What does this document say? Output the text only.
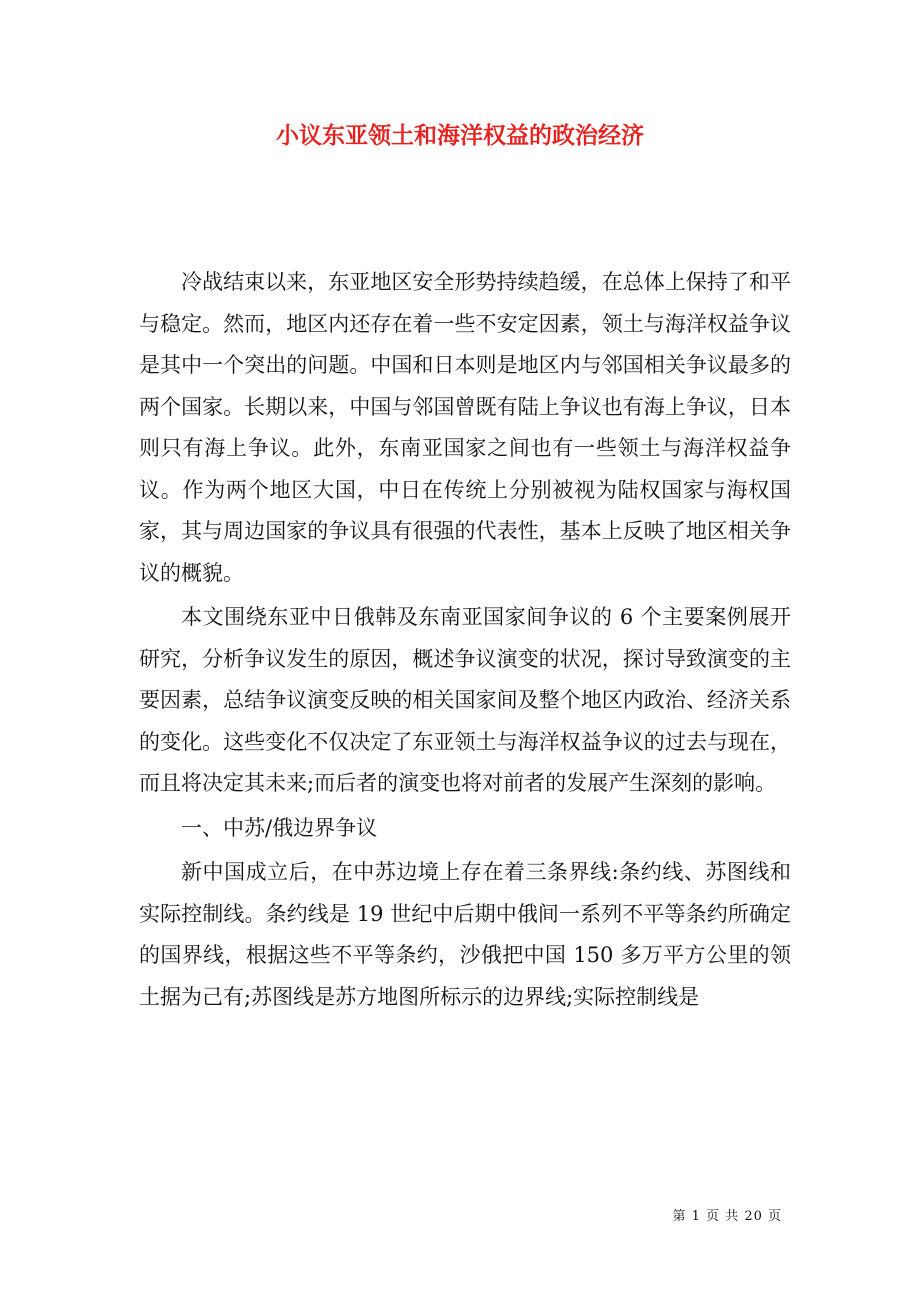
小议东亚领土和海洋权益的政治经济

冷战结束以来，东亚地区安全形势持续趋缓，在总体上保持了和平与稳定。然而，地区内还存在着一些不安定因素，领土与海洋权益争议是其中一个突出的问题。中国和日本则是地区内与邻国相关争议最多的两个国家。长期以来，中国与邻国曾既有陆上争议也有海上争议，日本则只有海上争议。此外，东南亚国家之间也有一些领土与海洋权益争议。作为两个地区大国，中日在传统上分别被视为陆权国家与海权国家，其与周边国家的争议具有很强的代表性，基本上反映了地区相关争议的概貌。

本文围绕东亚中日俄韩及东南亚国家间争议的 6 个主要案例展开研究，分析争议发生的原因，概述争议演变的状况，探讨导致演变的主要因素，总结争议演变反映的相关国家间及整个地区内政治、经济关系的变化。这些变化不仅决定了东亚领土与海洋权益争议的过去与现在，而且将决定其未来;而后者的演变也将对前者的发展产生深刻的影响。

一、中苏/俄边界争议

新中国成立后，在中苏边境上存在着三条界线:条约线、苏图线和实际控制线。条约线是 19 世纪中后期中俄间一系列不平等条约所确定的国界线，根据这些不平等条约，沙俄把中国 150 多万平方公里的领土据为己有;苏图线是苏方地图所标示的边界线;实际控制线是

第 1 页 共 20 页
